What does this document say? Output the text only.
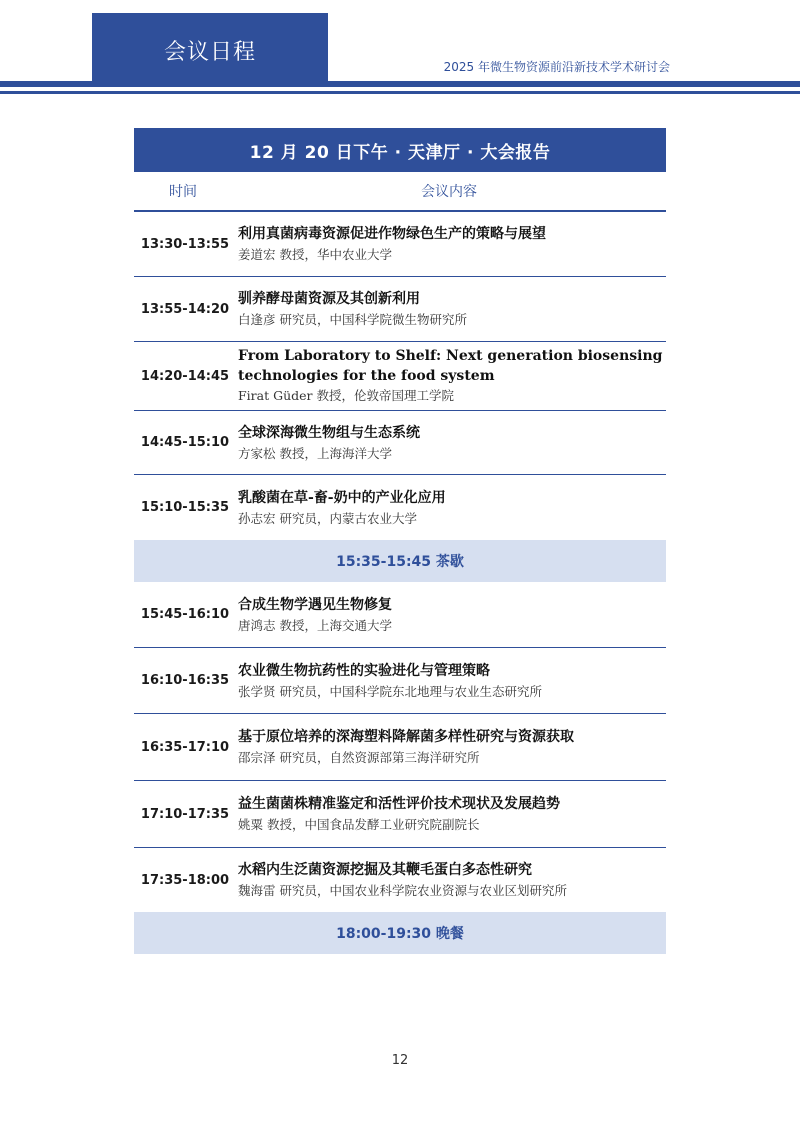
会议日程
2025 年微生物资源前沿新技术学术研讨会
12 月 20 日下午 · 天津厅 · 大会报告
时间	会议内容
13:30-13:55
利用真菌病毒资源促进作物绿色生产的策略与展望
姜道宏 教授，华中农业大学
13:55-14:20
驯养酵母菌资源及其创新利用
白逢彦 研究员，中国科学院微生物研究所
14:20-14:45
From Laboratory to Shelf: Next generation biosensing technologies for the food system
Firat Güder 教授，伦敦帝国理工学院
14:45-15:10
全球深海微生物组与生态系统
方家松 教授，上海海洋大学
15:10-15:35
乳酸菌在草-畜-奶中的产业化应用
孙志宏 研究员，内蒙古农业大学
15:35-15:45 茶歇
15:45-16:10
合成生物学遇见生物修复
唐鸿志 教授，上海交通大学
16:10-16:35
农业微生物抗药性的实验进化与管理策略
张学贤 研究员，中国科学院东北地理与农业生态研究所
16:35-17:10
基于原位培养的深海塑料降解菌多样性研究与资源获取
邵宗泽 研究员，自然资源部第三海洋研究所
17:10-17:35
益生菌菌株精准鉴定和活性评价技术现状及发展趋势
姚粟 教授，中国食品发酵工业研究院副院长
17:35-18:00
水稻内生泛菌资源挖掘及其鞭毛蛋白多态性研究
魏海雷 研究员，中国农业科学院农业资源与农业区划研究所
18:00-19:30 晚餐
12
